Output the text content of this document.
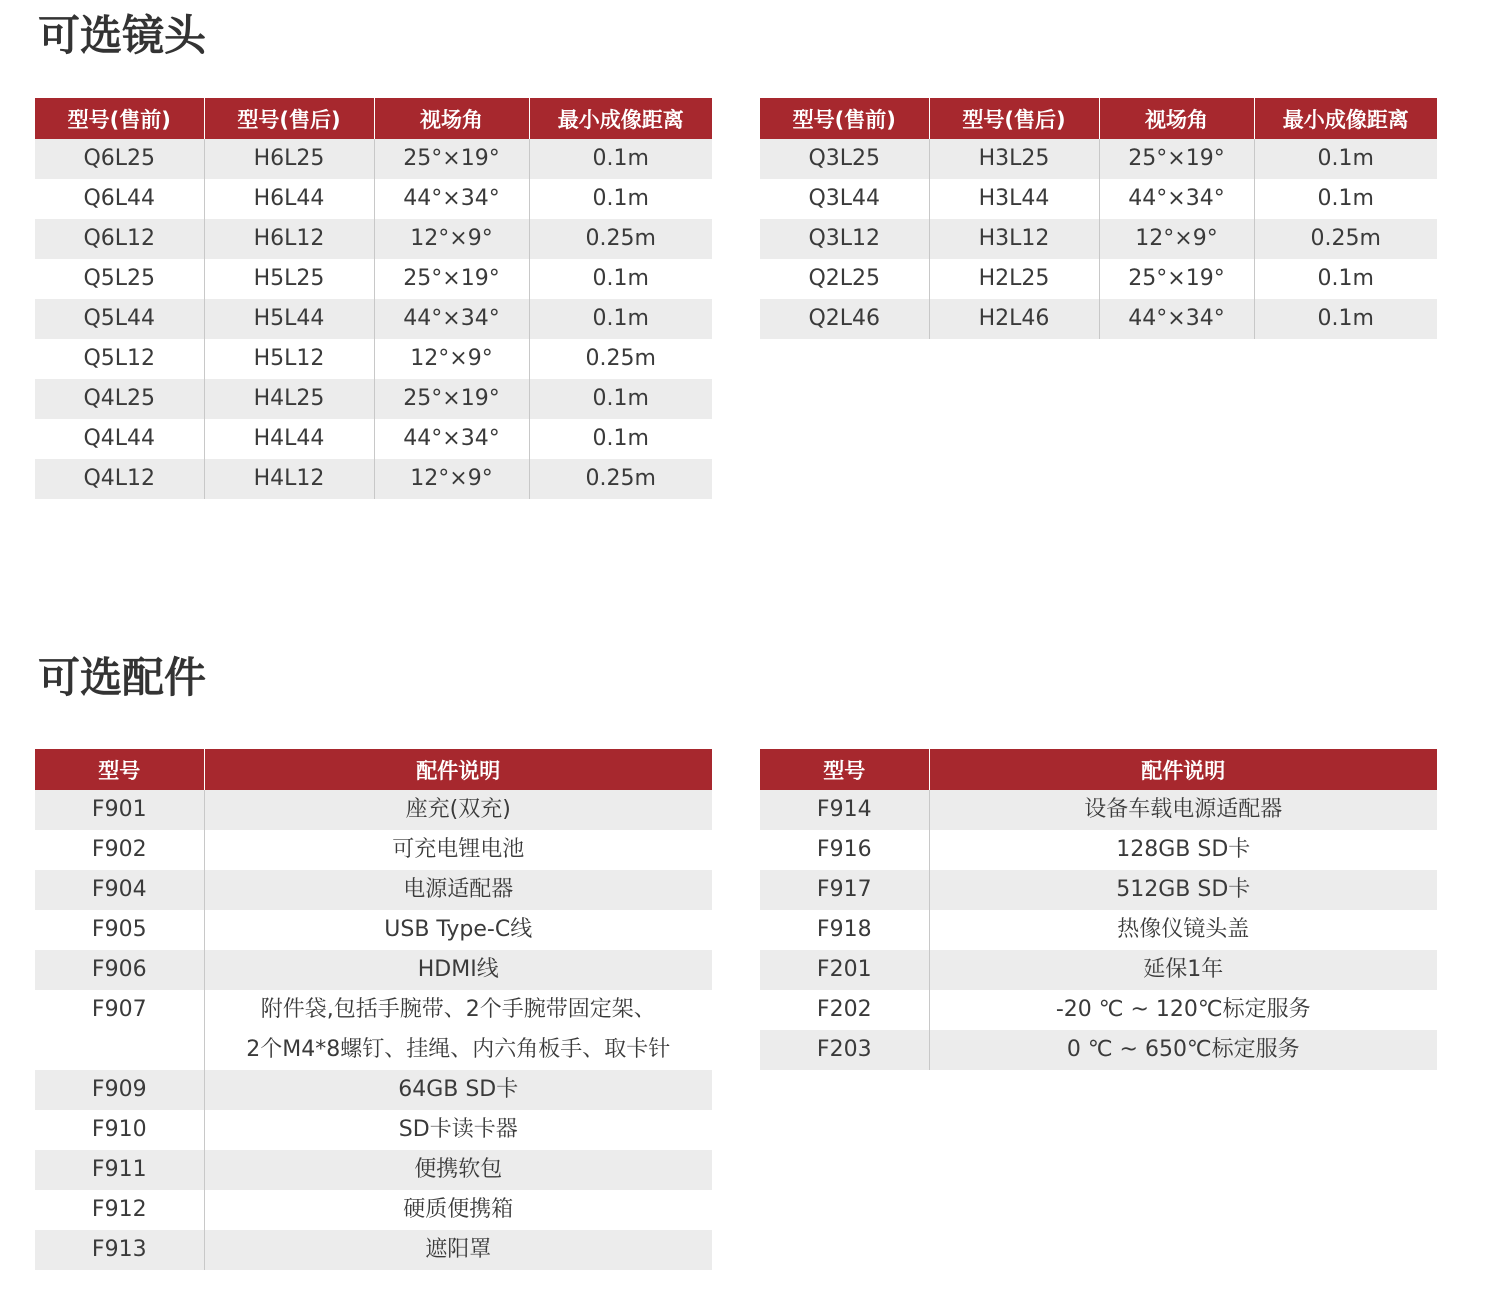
可选镜头
型号(售前)	型号(售后)	视场角	最小成像距离
Q6L25	H6L25	25°×19°	0.1m
Q6L44	H6L44	44°×34°	0.1m
Q6L12	H6L12	12°×9°	0.25m
Q5L25	H5L25	25°×19°	0.1m
Q5L44	H5L44	44°×34°	0.1m
Q5L12	H5L12	12°×9°	0.25m
Q4L25	H4L25	25°×19°	0.1m
Q4L44	H4L44	44°×34°	0.1m
Q4L12	H4L12	12°×9°	0.25m
型号(售前)	型号(售后)	视场角	最小成像距离
Q3L25	H3L25	25°×19°	0.1m
Q3L44	H3L44	44°×34°	0.1m
Q3L12	H3L12	12°×9°	0.25m
Q2L25	H2L25	25°×19°	0.1m
Q2L46	H2L46	44°×34°	0.1m
可选配件
型号	配件说明
F901	座充(双充)
F902	可充电锂电池
F904	电源适配器
F905	USB Type-C线
F906	HDMI线
F907	附件袋,包括手腕带、2个手腕带固定架、
	2个M4*8螺钉、挂绳、内六角板手、取卡针
F909	64GB SD卡
F910	SD卡读卡器
F911	便携软包
F912	硬质便携箱
F913	遮阳罩
型号	配件说明
F914	设备车载电源适配器
F916	128GB SD卡
F917	512GB SD卡
F918	热像仪镜头盖
F201	延保1年
F202	-20 ℃ ~ 120℃标定服务
F203	0 ℃ ~ 650℃标定服务
